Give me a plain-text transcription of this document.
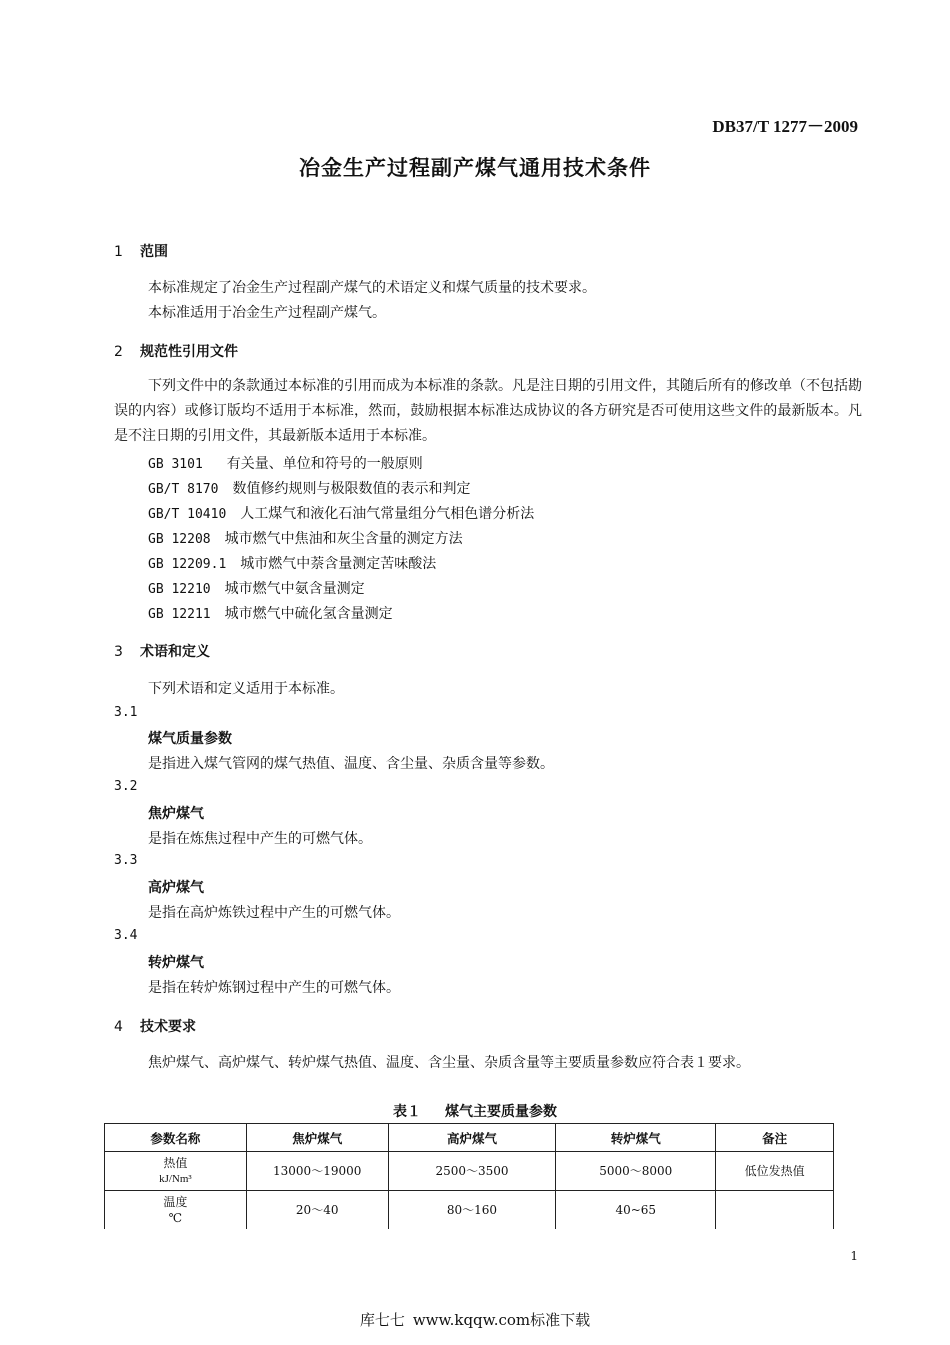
DB37/T 1277－2009
冶金生产过程副产煤气通用技术条件
1 范围
本标准规定了冶金生产过程副产煤气的术语定义和煤气质量的技术要求。
本标准适用于冶金生产过程副产煤气。
2 规范性引用文件
下列文件中的条款通过本标准的引用而成为本标准的条款。凡是注日期的引用文件，其随后所有的修改单（不包括勘误的内容）或修订版均不适用于本标准，然而，鼓励根据本标准达成协议的各方研究是否可使用这些文件的最新版本。凡是不注日期的引用文件，其最新版本适用于本标准。
GB 3101 有关量、单位和符号的一般原则
GB/T 8170 数值修约规则与极限数值的表示和判定
GB/T 10410 人工煤气和液化石油气常量组分气相色谱分析法
GB 12208 城市燃气中焦油和灰尘含量的测定方法
GB 12209.1 城市燃气中萘含量测定苦味酸法
GB 12210 城市燃气中氨含量测定
GB 12211 城市燃气中硫化氢含量测定
3 术语和定义
下列术语和定义适用于本标准。
3.1
煤气质量参数
是指进入煤气管网的煤气热值、温度、含尘量、杂质含量等参数。
3.2
焦炉煤气
是指在炼焦过程中产生的可燃气体。
3.3
高炉煤气
是指在高炉炼铁过程中产生的可燃气体。
3.4
转炉煤气
是指在转炉炼钢过程中产生的可燃气体。
4 技术要求
焦炉煤气、高炉煤气、转炉煤气热值、温度、含尘量、杂质含量等主要质量参数应符合表１要求。
表１ 煤气主要质量参数
参数名称	焦炉煤气	高炉煤气	转炉煤气	备注

热值
kJ/Nm³	13000～19000	2500～3500	5000～8000	低位发热值

温度
℃	20～40	80～160	40~65	
1
库七七 www.kqqw.com标准下载
